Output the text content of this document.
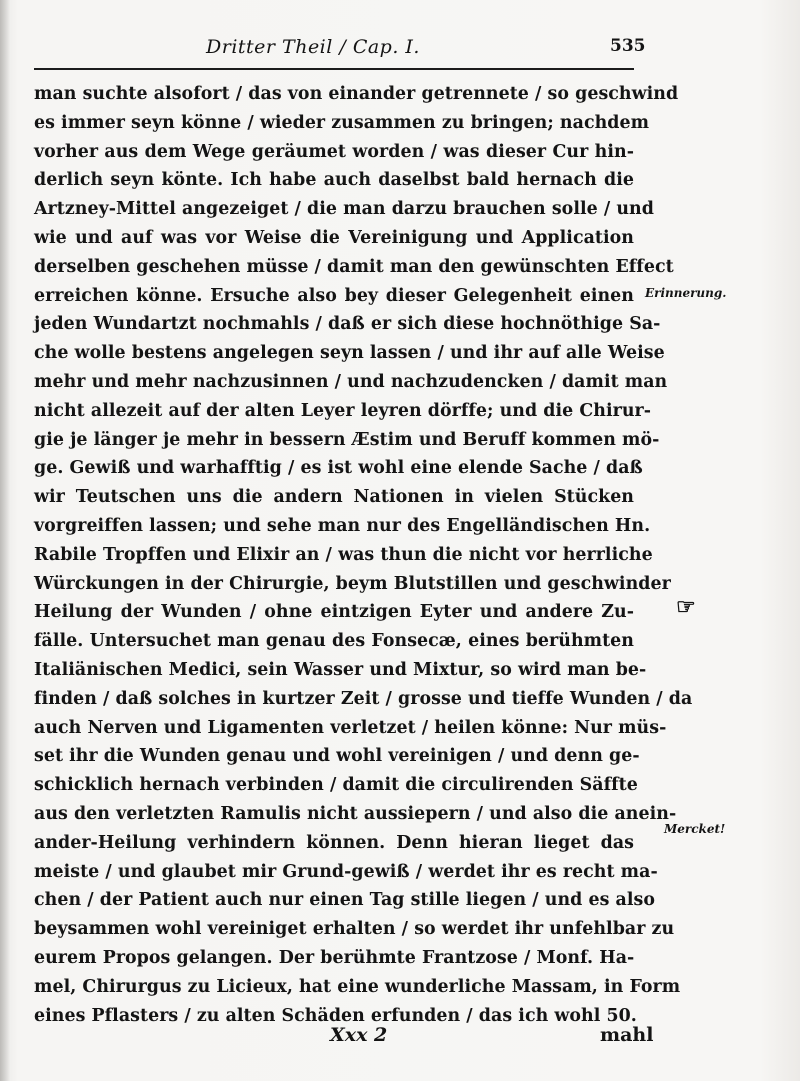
Dritter Theil / Cap. I.	535
man suchte alsofort / das von einander getrennete / so geschwind
es immer seyn könne / wieder zusammen zu bringen; nachdem
vorher aus dem Wege geräumet worden / was dieser Cur hin-
derlich seyn könte. Ich habe auch daselbst bald hernach die
Artzney-Mittel angezeiget / die man darzu brauchen solle / und
wie und auf was vor Weise die Vereinigung und Application
derselben geschehen müsse / damit man den gewünschten Effect
erreichen könne. Ersuche also bey dieser Gelegenheit einen
jeden Wundartzt nochmahls / daß er sich diese hochnöthige Sa-
che wolle bestens angelegen seyn lassen / und ihr auf alle Weise
mehr und mehr nachzusinnen / und nachzudencken / damit man
nicht allezeit auf der alten Leyer leyren dörffe; und die Chirur-
gie je länger je mehr in bessern Æstim und Beruff kommen mö-
ge. Gewiß und warhafftig / es ist wohl eine elende Sache / daß
wir Teutschen uns die andern Nationen in vielen Stücken
vorgreiffen lassen; und sehe man nur des Engelländischen Hn.
Rabile Tropffen und Elixir an / was thun die nicht vor herrliche
Würckungen in der Chirurgie, beym Blutstillen und geschwinder
Heilung der Wunden / ohne eintzigen Eyter und andere Zu-
fälle. Untersuchet man genau des Fonsecæ, eines berühmten
Italiänischen Medici, sein Wasser und Mixtur, so wird man be-
finden / daß solches in kurtzer Zeit / grosse und tieffe Wunden / da
auch Nerven und Ligamenten verletzet / heilen könne: Nur müs-
set ihr die Wunden genau und wohl vereinigen / und denn ge-
schicklich hernach verbinden / damit die circulirenden Säffte
aus den verletzten Ramulis nicht aussiepern / und also die anein-
ander-Heilung verhindern können. Denn hieran lieget das
meiste / und glaubet mir Grund-gewiß / werdet ihr es recht ma-
chen / der Patient auch nur einen Tag stille liegen / und es also
beysammen wohl vereiniget erhalten / so werdet ihr unfehlbar zu
eurem Propos gelangen. Der berühmte Frantzose / Monf. Ha-
mel, Chirurgus zu Licieux, hat eine wunderliche Massam, in Form
eines Pflasters / zu alten Schäden erfunden / das ich wohl 50.
Erinnerung.
☞
Mercket!
Xxx 2	mahl
